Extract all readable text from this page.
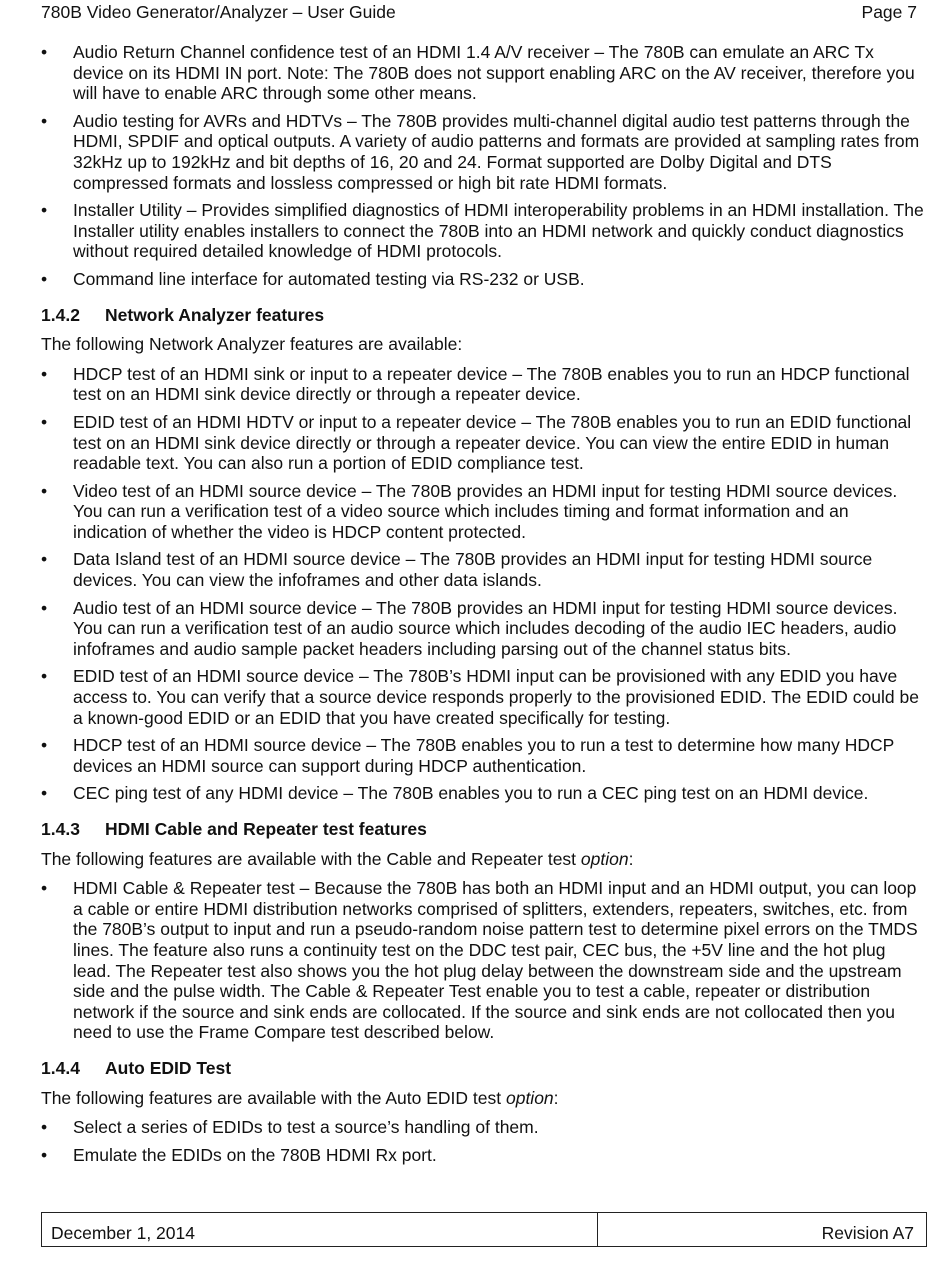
780B Video Generator/Analyzer – User Guide	Page 7
•	Audio Return Channel confidence test of an HDMI 1.4 A/V receiver – The 780B can emulate an ARC Tx device on its HDMI IN port. Note: The 780B does not support enabling ARC on the AV receiver, therefore you will have to enable ARC through some other means.
•	Audio testing for AVRs and HDTVs – The 780B provides multi-channel digital audio test patterns through the HDMI, SPDIF and optical outputs. A variety of audio patterns and formats are provided at sampling rates from 32kHz up to 192kHz and bit depths of 16, 20 and 24. Format supported are Dolby Digital and DTS compressed formats and lossless compressed or high bit rate HDMI formats.
•	Installer Utility – Provides simplified diagnostics of HDMI interoperability problems in an HDMI installation. The Installer utility enables installers to connect the 780B into an HDMI network and quickly conduct diagnostics without required detailed knowledge of HDMI protocols.
•	Command line interface for automated testing via RS-232 or USB.
1.4.2 Network Analyzer features

The following Network Analyzer features are available:

•	HDCP test of an HDMI sink or input to a repeater device – The 780B enables you to run an HDCP functional test on an HDMI sink device directly or through a repeater device.
•	EDID test of an HDMI HDTV or input to a repeater device – The 780B enables you to run an EDID functional test on an HDMI sink device directly or through a repeater device. You can view the entire EDID in human readable text. You can also run a portion of EDID compliance test.
•	Video test of an HDMI source device – The 780B provides an HDMI input for testing HDMI source devices. You can run a verification test of a video source which includes timing and format information and an indication of whether the video is HDCP content protected.
•	Data Island test of an HDMI source device – The 780B provides an HDMI input for testing HDMI source devices. You can view the infoframes and other data islands.
•	Audio test of an HDMI source device – The 780B provides an HDMI input for testing HDMI source devices. You can run a verification test of an audio source which includes decoding of the audio IEC headers, audio infoframes and audio sample packet headers including parsing out of the channel status bits.
•	EDID test of an HDMI source device – The 780B’s HDMI input can be provisioned with any EDID you have access to. You can verify that a source device responds properly to the provisioned EDID. The EDID could be a known-good EDID or an EDID that you have created specifically for testing.
•	HDCP test of an HDMI source device – The 780B enables you to run a test to determine how many HDCP devices an HDMI source can support during HDCP authentication.
•	CEC ping test of any HDMI device – The 780B enables you to run a CEC ping test on an HDMI device.
1.4.3 HDMI Cable and Repeater test features

The following features are available with the Cable and Repeater test option:

•	HDMI Cable & Repeater test – Because the 780B has both an HDMI input and an HDMI output, you can loop a cable or entire HDMI distribution networks comprised of splitters, extenders, repeaters, switches, etc. from the 780B’s output to input and run a pseudo-random noise pattern test to determine pixel errors on the TMDS lines. The feature also runs a continuity test on the DDC test pair, CEC bus, the +5V line and the hot plug lead. The Repeater test also shows you the hot plug delay between the downstream side and the upstream side and the pulse width. The Cable & Repeater Test enable you to test a cable, repeater or distribution network if the source and sink ends are collocated. If the source and sink ends are not collocated then you need to use the Frame Compare test described below.
1.4.4 Auto EDID Test

The following features are available with the Auto EDID test option:

•	Select a series of EDIDs to test a source’s handling of them.
•	Emulate the EDIDs on the 780B HDMI Rx port.
December 1, 2014	Revision A7
